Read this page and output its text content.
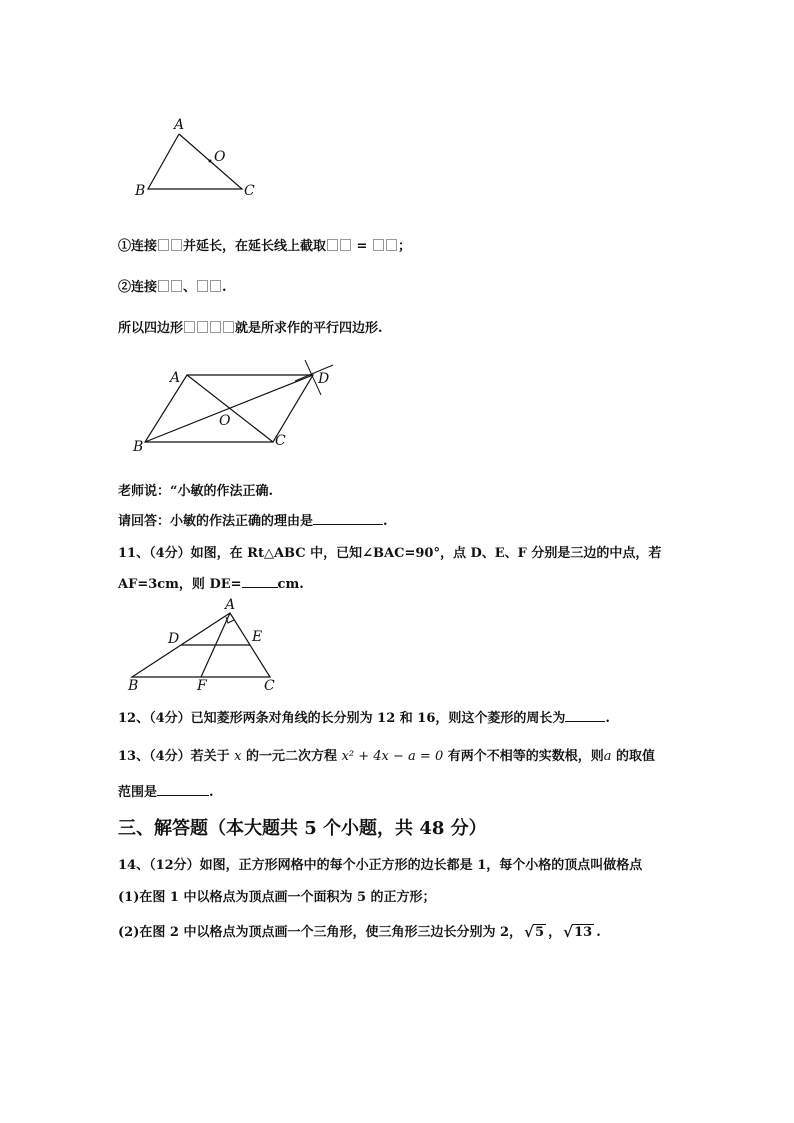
A
B	C
O
①连接 并延长，在延长线上截取 = ；
②连接 、 .
所以四边形	就是所求作的平行四边形.
A	D
B	C
O
老师说：“小敏的作法正确.
请回答：小敏的作法正确的理由是	.
11、（4分）如图，在 Rt△ABC 中，已知∠BAC=90°，点 D、E、F 分别是三边的中点，若
AF=3cm，则 DE=	cm.
A
D	E
B	F	C
12、（4分）已知菱形两条对角线的长分别为 12 和 16，则这个菱形的周长为	.
13、（4分）若关于 x 的一元二次方程 x² + 4x − a = 0 有两个不相等的实数根，则a 的取值
范围是	.
三、解答题（本大题共 5 个小题，共 48 分）
14、（12分）如图，正方形网格中的每个小正方形的边长都是 1，每个小格的顶点叫做格点
(1)在图 1 中以格点为顶点画一个面积为 5 的正方形；
(2)在图 2 中以格点为顶点画一个三角形，使三角形三边长分别为 2， √ 5 ， √ 13 .
